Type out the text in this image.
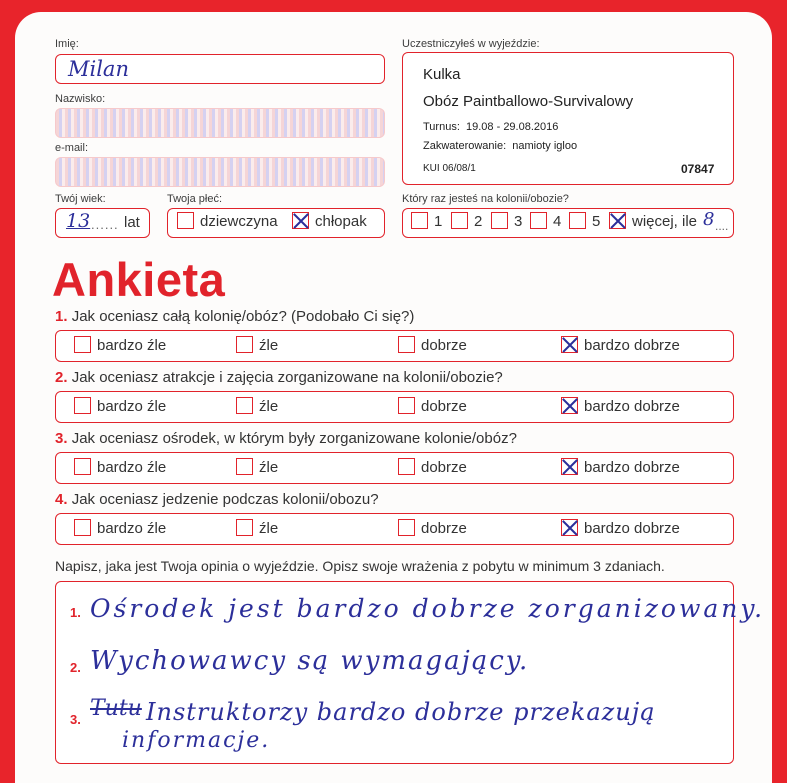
Imię:
Milan
Nazwisko:
e-mail:
Twój wiek:
13 ...... lat
Twoja płeć:
dziewczyna	chłopak
Uczestniczyłeś w wyjeździe:
Kulka
Obóz Paintballowo-Survivalowy
Turnus: 19.08 - 29.08.2016
Zakwaterowanie: namioty igloo
KUI 06/08/1	07847
Który raz jesteś na kolonii/obozie?
1	2	3	4	5	więcej, ile 8 ....
Ankieta
1. Jak oceniasz całą kolonię/obóz? (Podobało Ci się?)
bardzo źle	źle	dobrze	bardzo dobrze
2. Jak oceniasz atrakcje i zajęcia zorganizowane na kolonii/obozie?
bardzo źle	źle	dobrze	bardzo dobrze
3. Jak oceniasz ośrodek, w którym były zorganizowane kolonie/obóz?
bardzo źle	źle	dobrze	bardzo dobrze
4. Jak oceniasz jedzenie podczas kolonii/obozu?
bardzo źle	źle	dobrze	bardzo dobrze
Napisz, jaka jest Twoja opinia o wyjeździe. Opisz swoje wrażenia z pobytu w minimum 3 zdaniach.
1. Ośrodek jest bardzo dobrze zorganizowany.
2. Wychowawcy są wymagający.
3. Tutu Instruktorzy bardzo dobrze przekazują
informacje.
